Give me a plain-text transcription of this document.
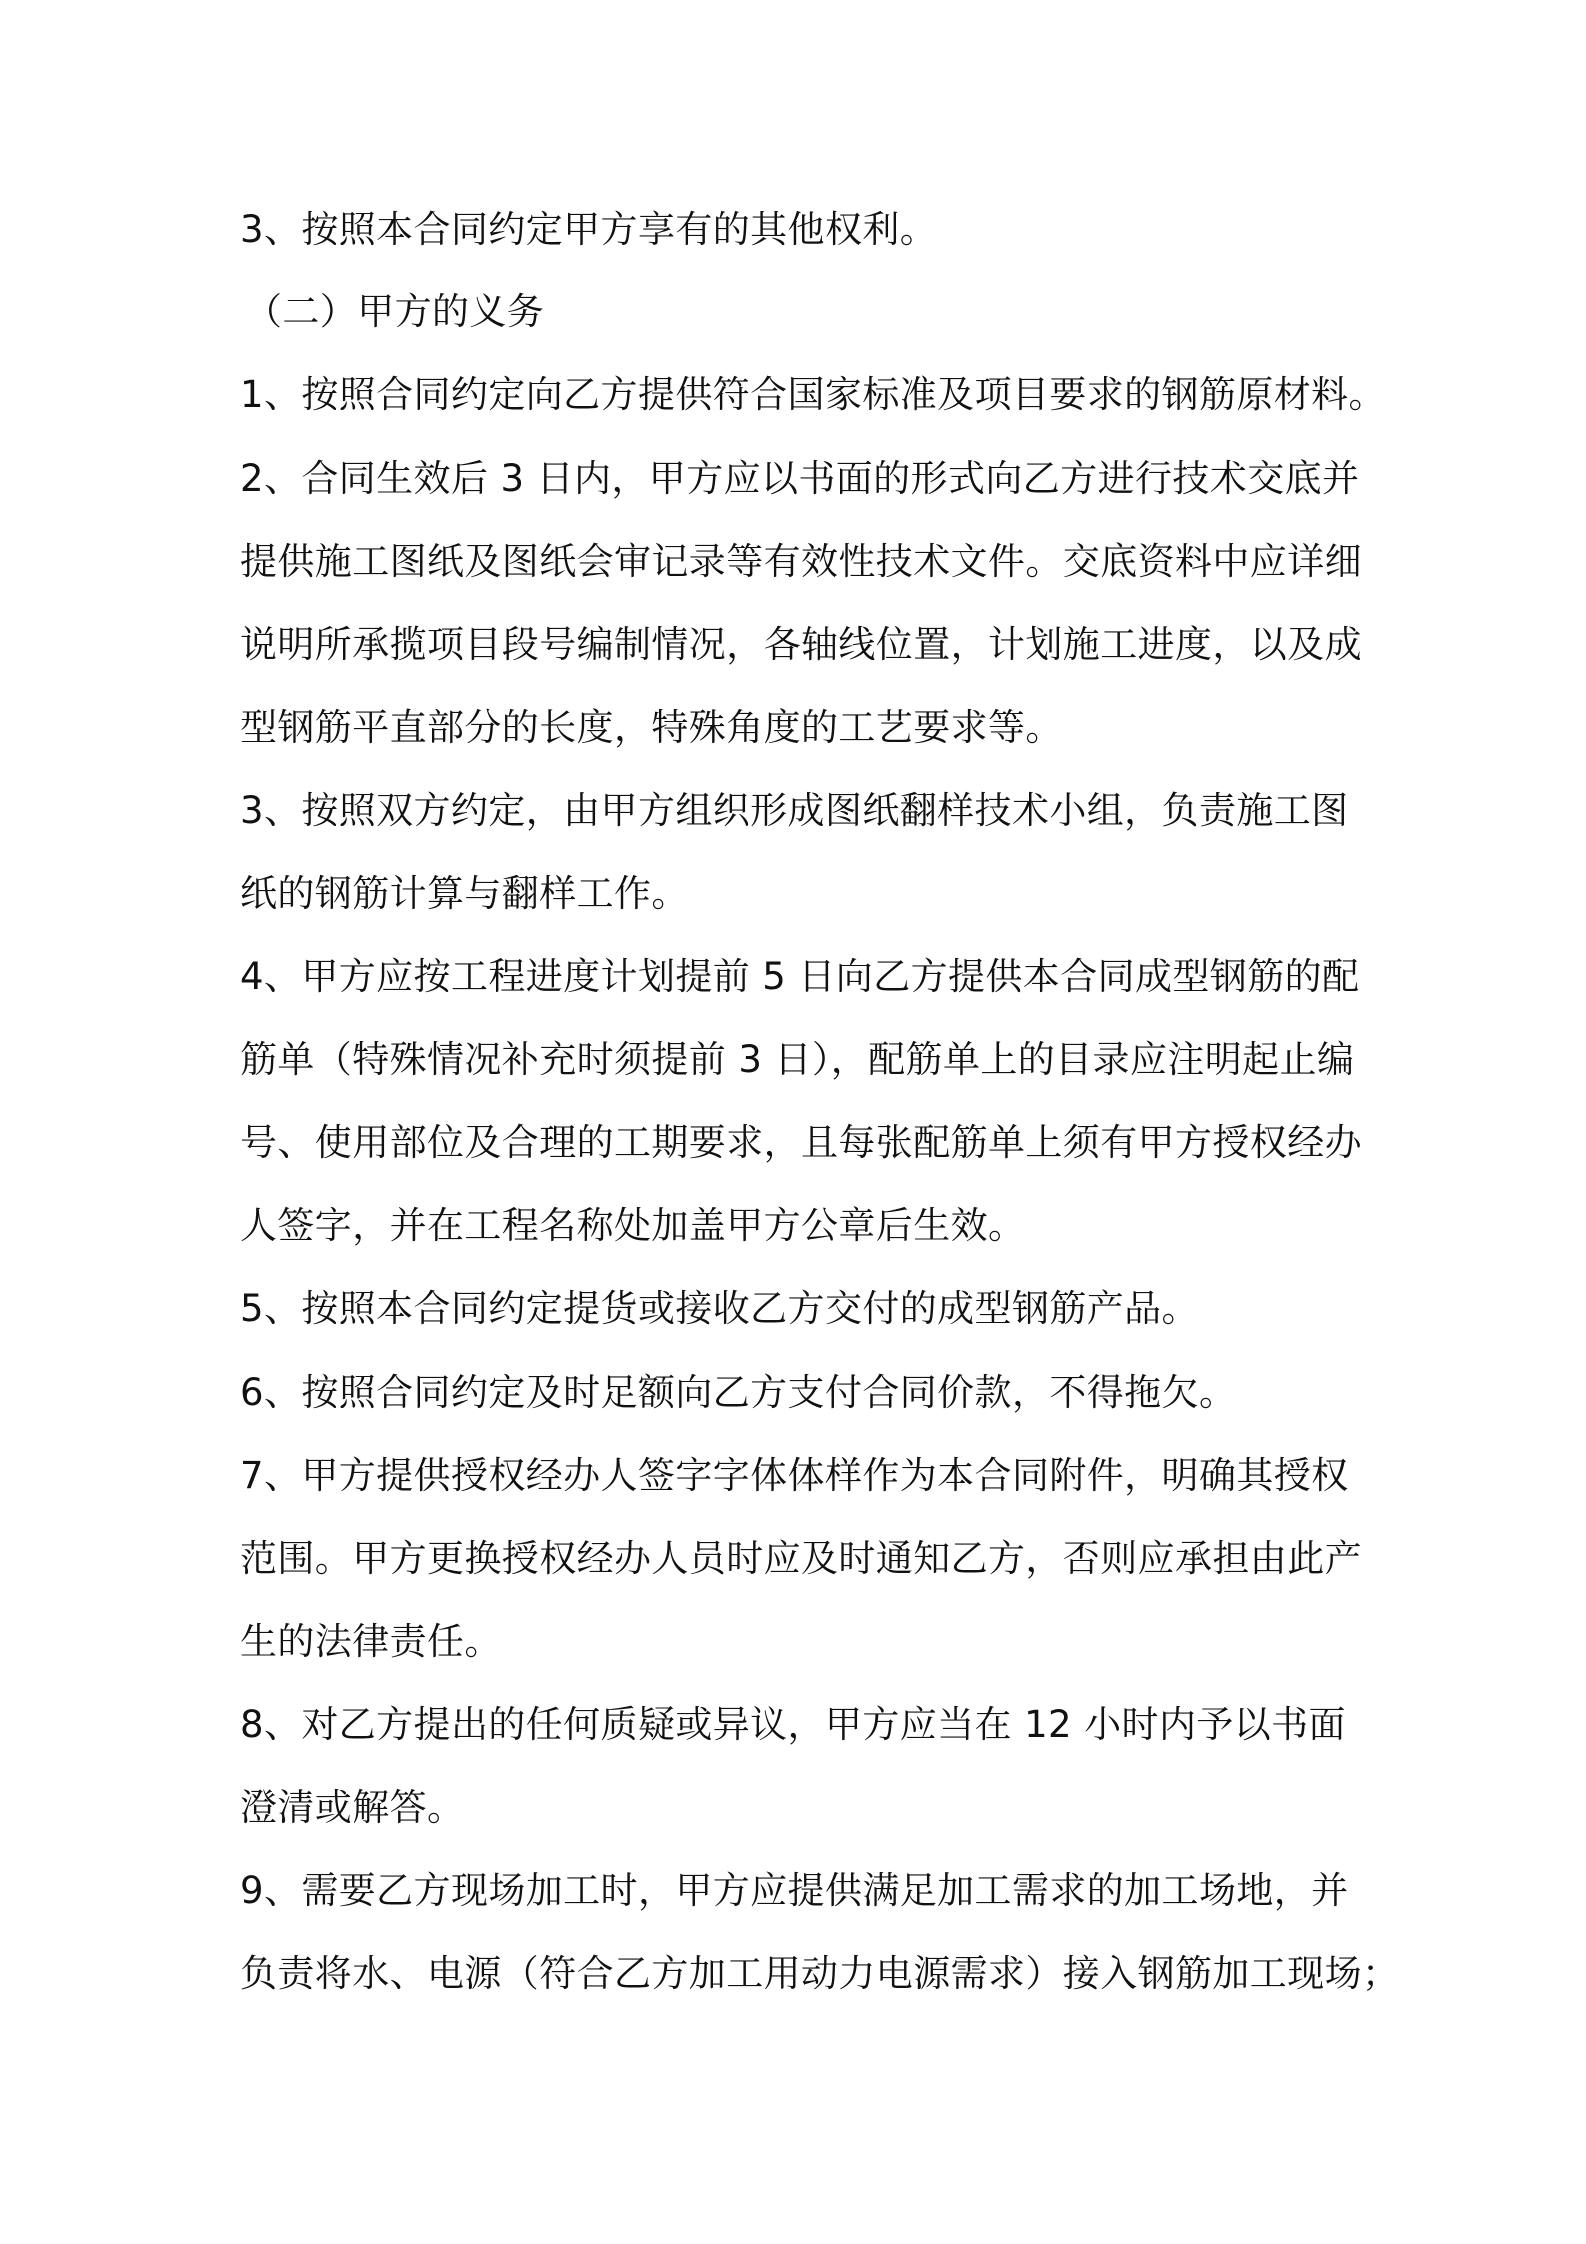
3、按照本合同约定甲方享有的其他权利。

（二）甲方的义务

1、按照合同约定向乙方提供符合国家标准及项目要求的钢筋原材料。

2、合同生效后 3 日内，甲方应以书面的形式向乙方进行技术交底并

提供施工图纸及图纸会审记录等有效性技术文件。交底资料中应详细

说明所承揽项目段号编制情况，各轴线位置，计划施工进度，以及成

型钢筋平直部分的长度，特殊角度的工艺要求等。

3、按照双方约定，由甲方组织形成图纸翻样技术小组，负责施工图

纸的钢筋计算与翻样工作。

4、甲方应按工程进度计划提前 5 日向乙方提供本合同成型钢筋的配

筋单（特殊情况补充时须提前 3 日），配筋单上的目录应注明起止编

号、使用部位及合理的工期要求，且每张配筋单上须有甲方授权经办

人签字，并在工程名称处加盖甲方公章后生效。

5、按照本合同约定提货或接收乙方交付的成型钢筋产品。

6、按照合同约定及时足额向乙方支付合同价款，不得拖欠。

7、甲方提供授权经办人签字字体体样作为本合同附件，明确其授权

范围。甲方更换授权经办人员时应及时通知乙方，否则应承担由此产

生的法律责任。

8、对乙方提出的任何质疑或异议，甲方应当在 12 小时内予以书面

澄清或解答。

9、需要乙方现场加工时，甲方应提供满足加工需求的加工场地，并

负责将水、电源（符合乙方加工用动力电源需求）接入钢筋加工现场；
